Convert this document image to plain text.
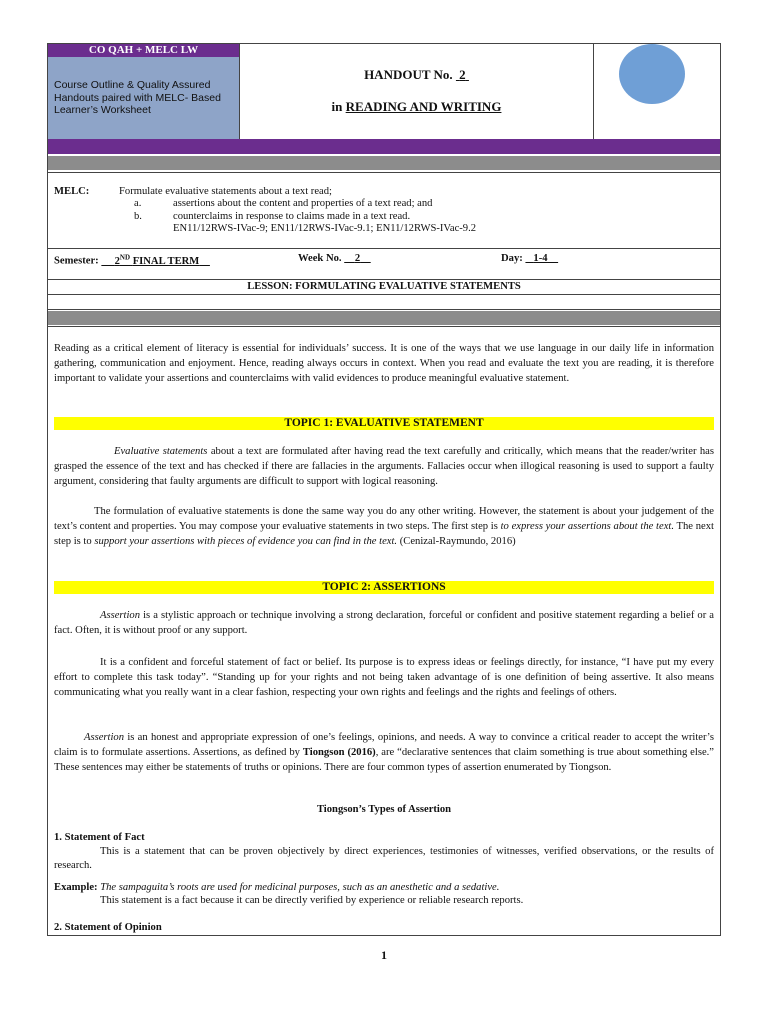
CO QAH + MELC LW
Course Outline & Quality Assured Handouts paired with MELC- Based Learner’s Worksheet
HANDOUT No.  2
in READING AND WRITING
MELC:	Formulate evaluative statements about a text read;
a.	assertions about the content and properties of a text read; and
b.	counterclaims in response to claims made in a text read.
EN11/12RWS-IVac-9; EN11/12RWS-IVac-9.1; EN11/12RWS-IVac-9.2
Semester: 2ND FINAL TERM	Week No. 2	Day: 1-4
LESSON: FORMULATING EVALUATIVE STATEMENTS

Reading as a critical element of literacy is essential for individuals’ success. It is one of the ways that we use language in our daily life in information gathering, communication and enjoyment. Hence, reading always occurs in context. When you read and evaluate the text you are reading, it is therefore important to validate your assertions and counterclaims with valid evidences to produce meaningful evaluative statement.

TOPIC 1: EVALUATIVE STATEMENT

Evaluative statements about a text are formulated after having read the text carefully and critically, which means that the reader/writer has grasped the essence of the text and has checked if there are fallacies in the arguments. Fallacies occur when illogical reasoning is used to support a faulty argument, considering that faulty arguments are difficult to support with logical reasoning.

The formulation of evaluative statements is done the same way you do any other writing. However, the statement is about your judgement of the text’s content and properties. You may compose your evaluative statements in two steps. The first step is to express your assertions about the text. The next step is to support your assertions with pieces of evidence you can find in the text. (Cenizal-Raymundo, 2016)

TOPIC 2: ASSERTIONS

Assertion is a stylistic approach or technique involving a strong declaration, forceful or confident and positive statement regarding a belief or a fact. Often, it is without proof or any support.

It is a confident and forceful statement of fact or belief. Its purpose is to express ideas or feelings directly, for instance, “I have put my every effort to complete this task today”. “Standing up for your rights and not being taken advantage of is one definition of being assertive. It also means communicating what you really want in a clear fashion, respecting your own rights and feelings and the rights and feelings of others.

Assertion is an honest and appropriate expression of one’s feelings, opinions, and needs. A way to convince a critical reader to accept the writer’s claim is to formulate assertions. Assertions, as defined by Tiongson (2016), are “declarative sentences that claim something is true about something else.” These sentences may either be statements of truths or opinions. There are four common types of assertion enumerated by Tiongson.

Tiongson’s Types of Assertion
1. Statement of Fact

This is a statement that can be proven objectively by direct experiences, testimonies of witnesses, verified observations, or the results of research.

Example: The sampaguita’s roots are used for medicinal purposes, such as an anesthetic and a sedative.
This statement is a fact because it can be directly verified by experience or reliable research reports.
2. Statement of Opinion
1
